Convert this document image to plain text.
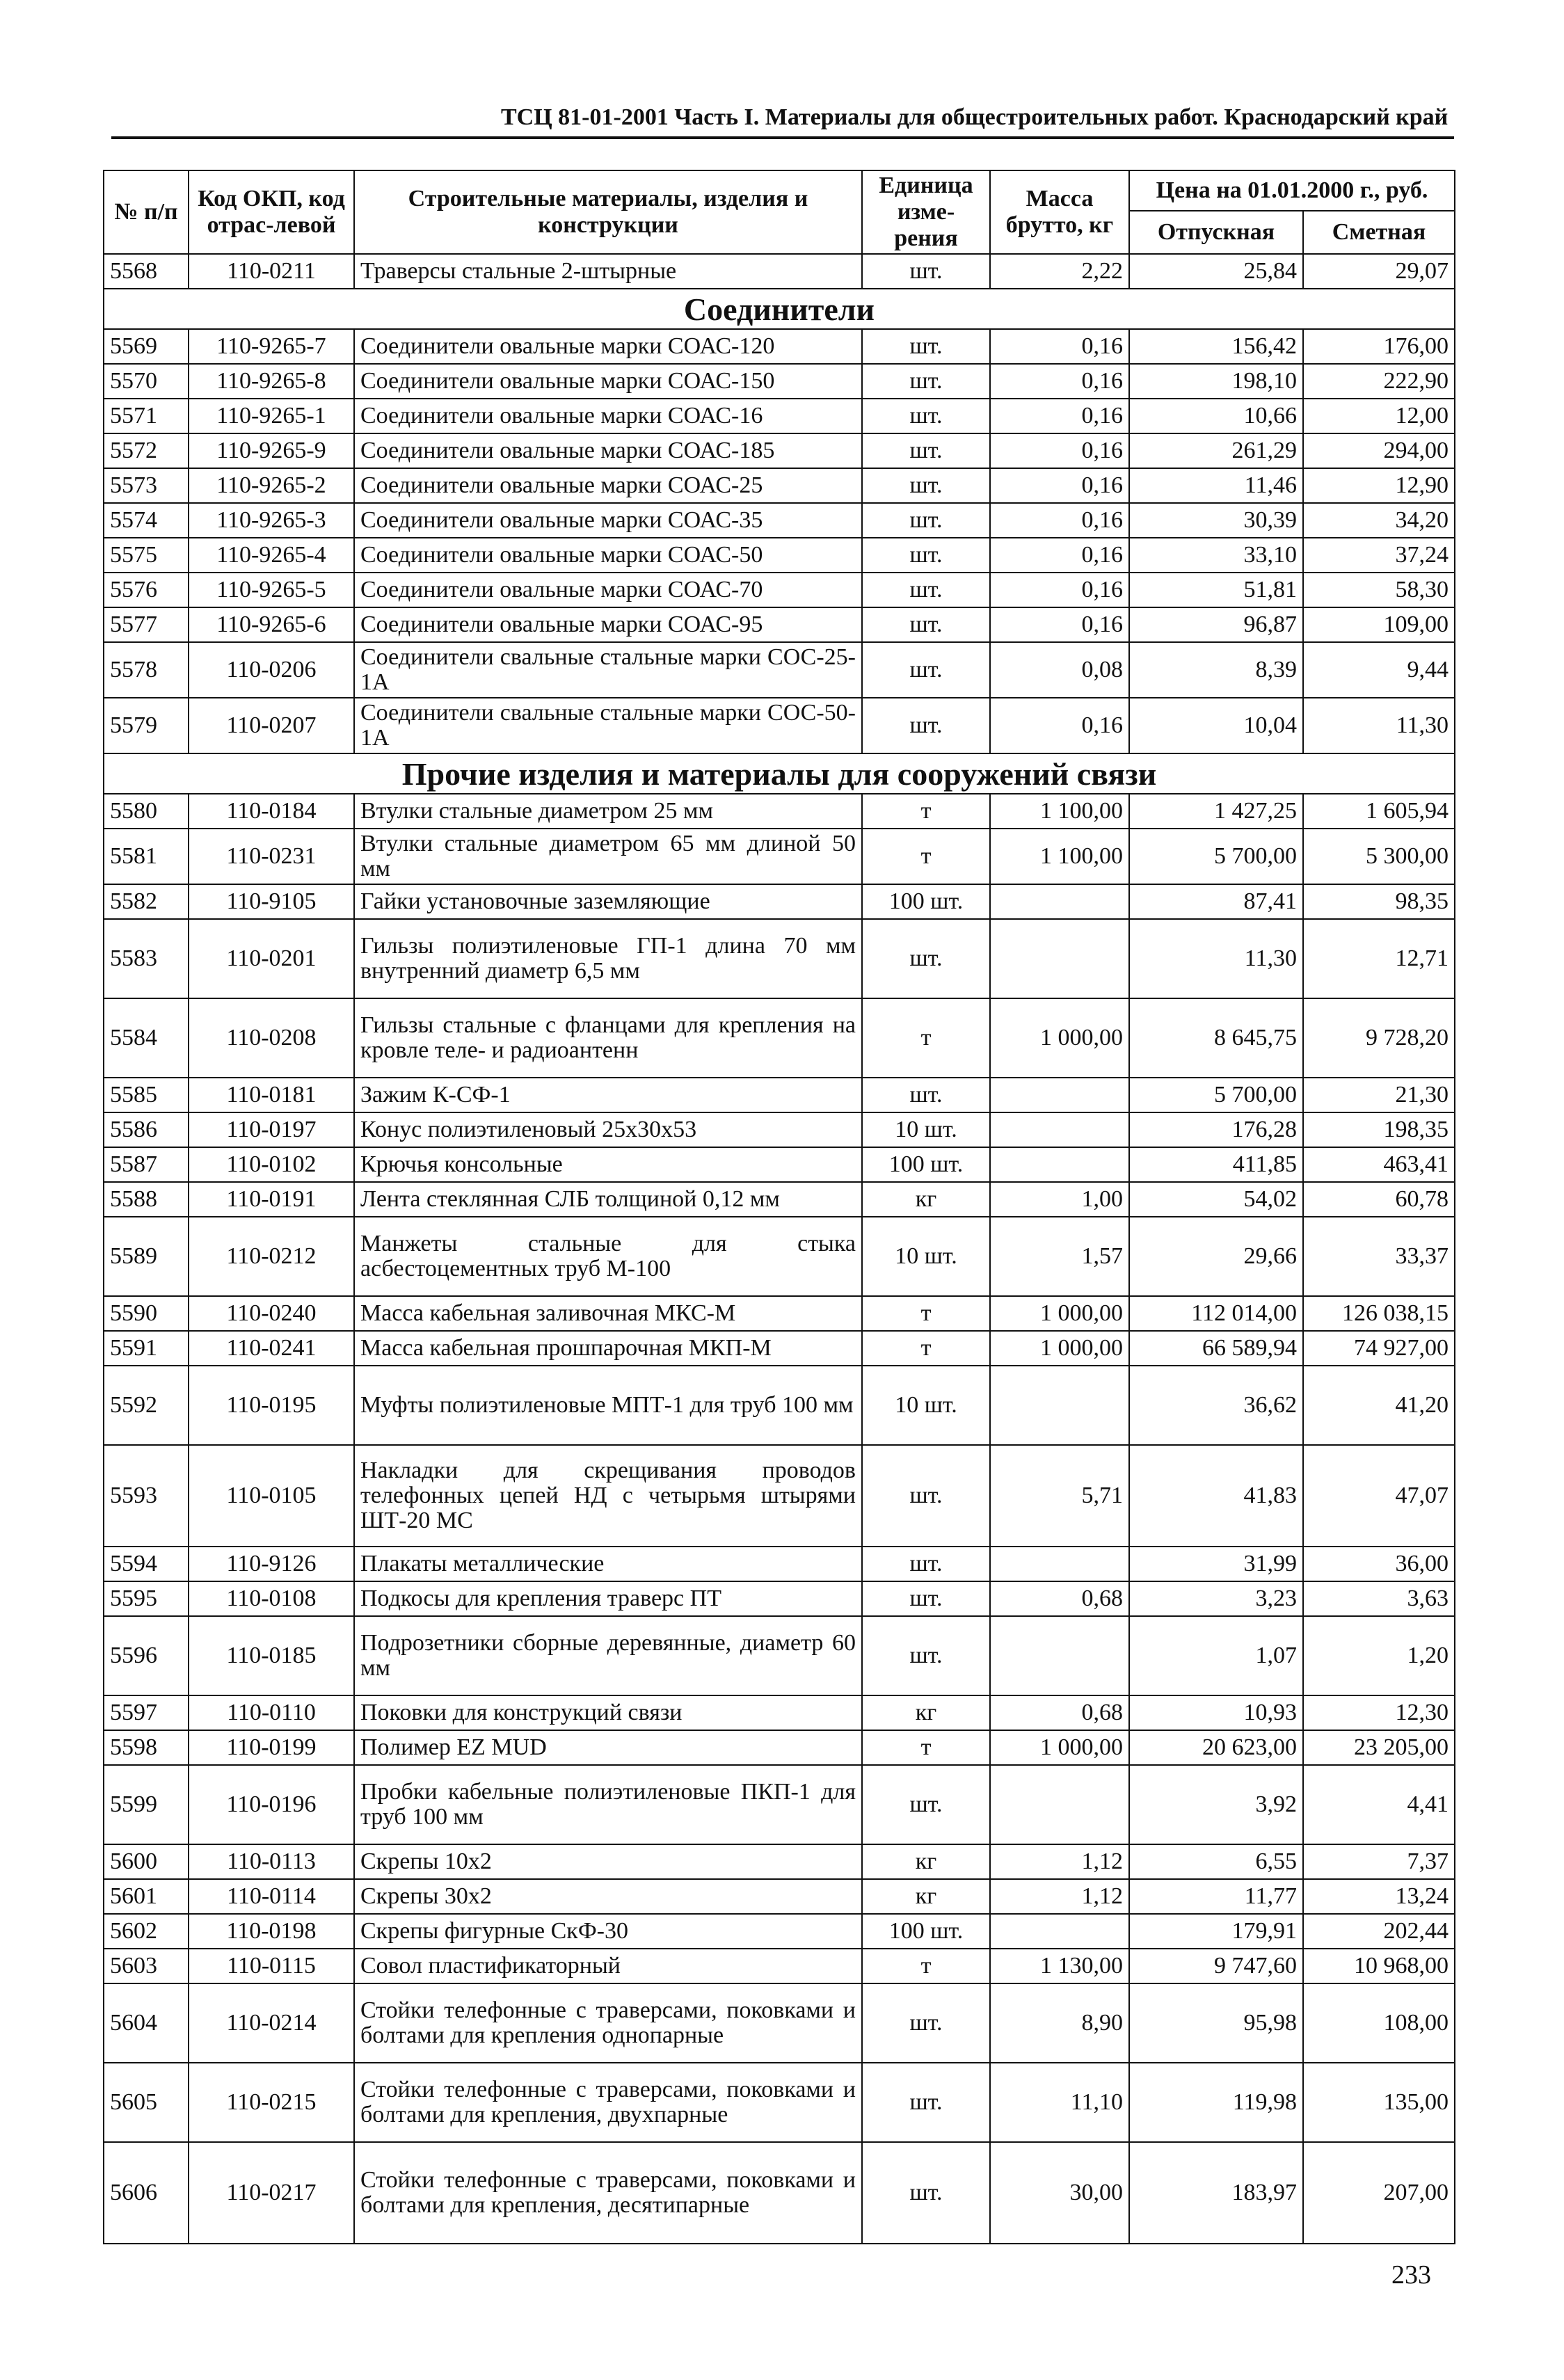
ТСЦ 81-01-2001 Часть I. Материалы для общестроительных работ. Краснодарский край
№ п/п	Код ОКП, код отрас-левой	Строительные материалы, изделия и конструкции	Единица изме-рения	Масса брутто, кг	Цена на 01.01.2000 г., руб.	
					Отпускная	Сметная
5568	110-0211	Траверсы стальные 2-штырные	шт.	2,22	25,84	29,07
Соединители						
5569	110-9265-7	Соединители овальные марки СОАС-120	шт.	0,16	156,42	176,00
5570	110-9265-8	Соединители овальные марки СОАС-150	шт.	0,16	198,10	222,90
5571	110-9265-1	Соединители овальные марки СОАС-16	шт.	0,16	10,66	12,00
5572	110-9265-9	Соединители овальные марки СОАС-185	шт.	0,16	261,29	294,00
5573	110-9265-2	Соединители овальные марки СОАС-25	шт.	0,16	11,46	12,90
5574	110-9265-3	Соединители овальные марки СОАС-35	шт.	0,16	30,39	34,20
5575	110-9265-4	Соединители овальные марки СОАС-50	шт.	0,16	33,10	37,24
5576	110-9265-5	Соединители овальные марки СОАС-70	шт.	0,16	51,81	58,30
5577	110-9265-6	Соединители овальные марки СОАС-95	шт.	0,16	96,87	109,00
5578	110-0206	Соединители свальные стальные марки СОС-25-1А	шт.	0,08	8,39	9,44
5579	110-0207	Соединители свальные стальные марки СОС-50-1А	шт.	0,16	10,04	11,30
Прочие изделия и материалы для сооружений связи						
5580	110-0184	Втулки стальные диаметром 25 мм	т	1 100,00	1 427,25	1 605,94
5581	110-0231	Втулки стальные диаметром 65 мм длиной 50 мм	т	1 100,00	5 700,00	5 300,00
5582	110-9105	Гайки установочные заземляющие	100 шт.		87,41	98,35
5583	110-0201	Гильзы полиэтиленовые ГП-1 длина 70 мм внутренний диаметр 6,5 мм	шт.		11,30	12,71
5584	110-0208	Гильзы стальные с фланцами для крепления на кровле теле- и радиоантенн	т	1 000,00	8 645,75	9 728,20
5585	110-0181	Зажим К-СФ-1	шт.		5 700,00	21,30
5586	110-0197	Конус полиэтиленовый 25х30х53	10 шт.		176,28	198,35
5587	110-0102	Крючья консольные	100 шт.		411,85	463,41
5588	110-0191	Лента стеклянная СЛБ толщиной 0,12 мм	кг	1,00	54,02	60,78
5589	110-0212	Манжеты стальные для стыка асбестоцементных труб М-100	10 шт.	1,57	29,66	33,37
5590	110-0240	Масса кабельная заливочная МКС-М	т	1 000,00	112 014,00	126 038,15
5591	110-0241	Масса кабельная прошпарочная МКП-М	т	1 000,00	66 589,94	74 927,00
5592	110-0195	Муфты полиэтиленовые МПТ-1 для труб 100 мм	10 шт.		36,62	41,20
5593	110-0105	Накладки для скрещивания проводов телефонных цепей НД с четырьмя штырями ШТ-20 МС	шт.	5,71	41,83	47,07
5594	110-9126	Плакаты металлические	шт.		31,99	36,00
5595	110-0108	Подкосы для крепления траверс ПТ	шт.	0,68	3,23	3,63
5596	110-0185	Подрозетники сборные деревянные, диаметр 60 мм	шт.		1,07	1,20
5597	110-0110	Поковки для конструкций связи	кг	0,68	10,93	12,30
5598	110-0199	Полимер EZ MUD	т	1 000,00	20 623,00	23 205,00
5599	110-0196	Пробки кабельные полиэтиленовые ПКП-1 для труб 100 мм	шт.		3,92	4,41
5600	110-0113	Скрепы 10х2	кг	1,12	6,55	7,37
5601	110-0114	Скрепы 30х2	кг	1,12	11,77	13,24
5602	110-0198	Скрепы фигурные СкФ-30	100 шт.		179,91	202,44
5603	110-0115	Совол пластификаторный	т	1 130,00	9 747,60	10 968,00
5604	110-0214	Стойки телефонные с траверсами, поковками и болтами для крепления однопарные	шт.	8,90	95,98	108,00
5605	110-0215	Стойки телефонные с траверсами, поковками и болтами для крепления, двухпарные	шт.	11,10	119,98	135,00
5606	110-0217	Стойки телефонные с траверсами, поковками и болтами для крепления, десятипарные	шт.	30,00	183,97	207,00
233
